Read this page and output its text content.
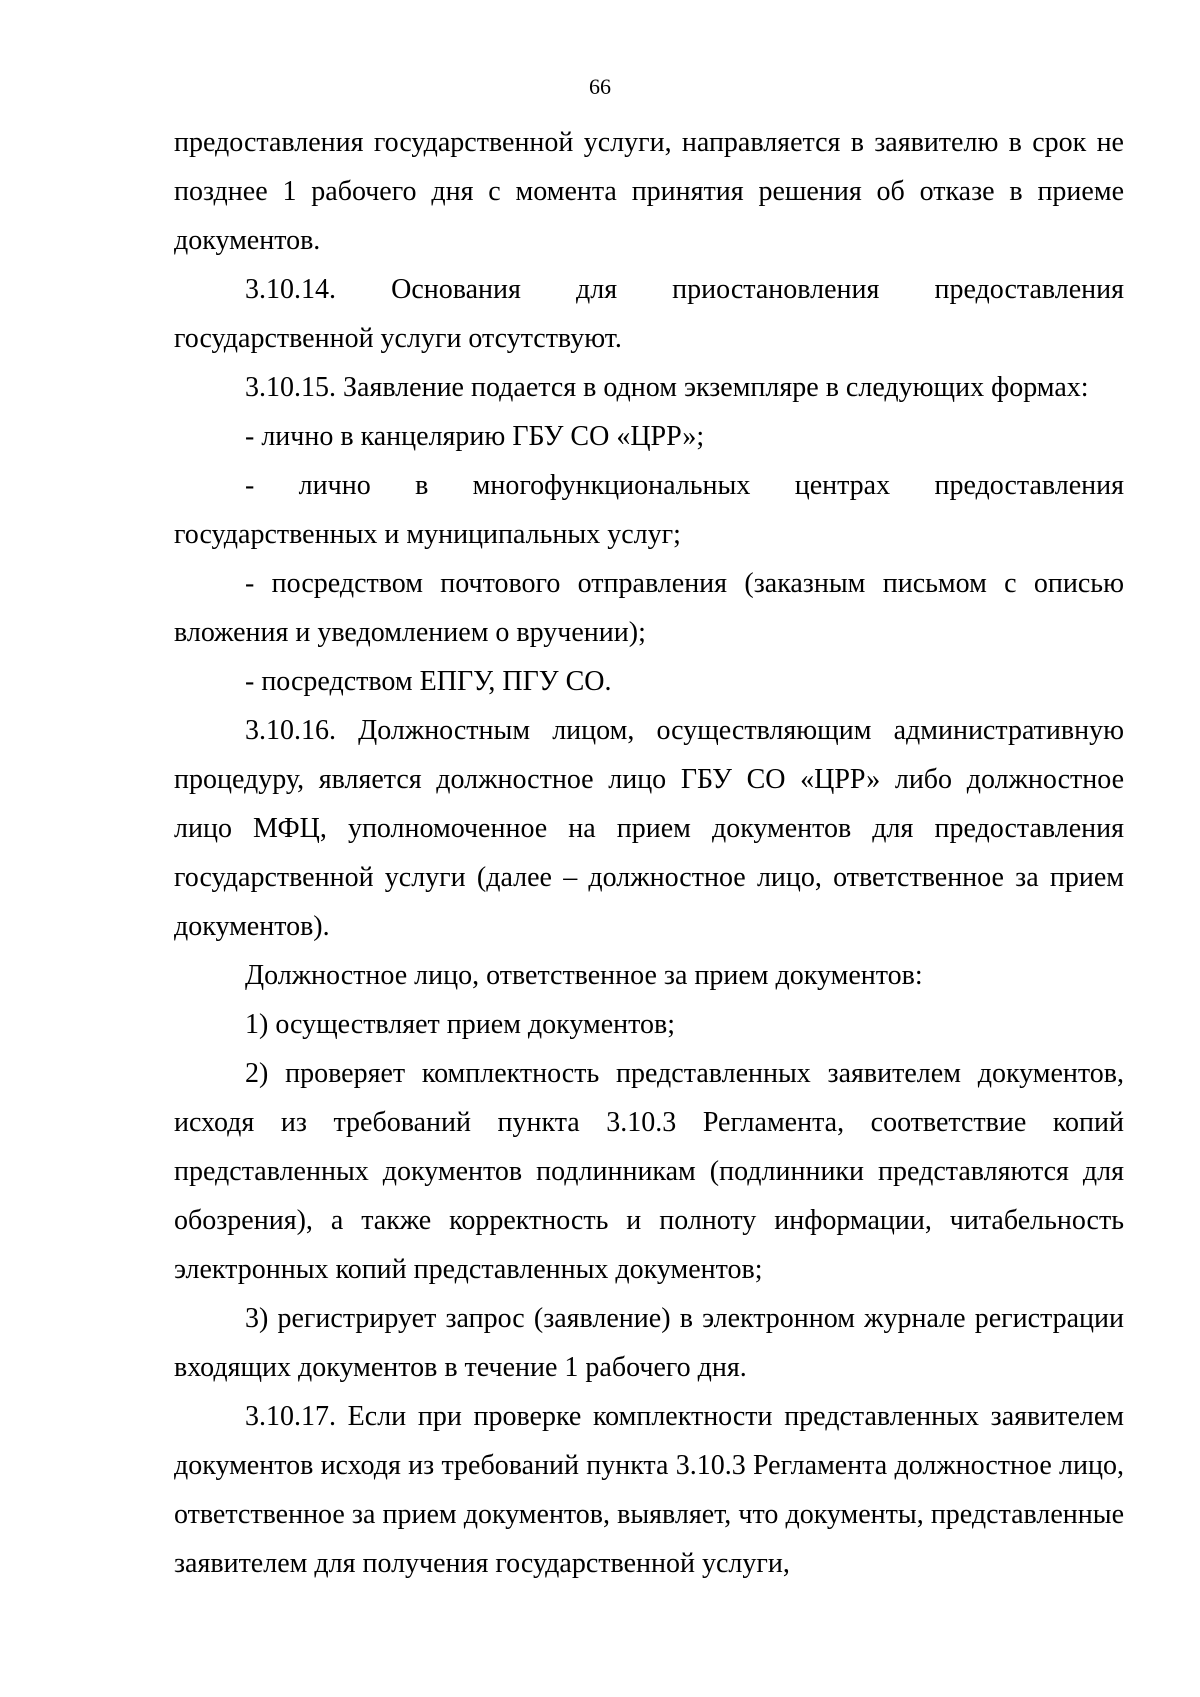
66

предоставления государственной услуги, направляется в заявителю в срок не позднее 1 рабочего дня с момента принятия решения об отказе в приеме документов.

3.10.14. Основания для приостановления предоставления государственной услуги отсутствуют.

3.10.15. Заявление подается в одном экземпляре в следующих формах:

- лично в канцелярию ГБУ СО «ЦРР»;

- лично в многофункциональных центрах предоставления государственных и муниципальных услуг;

- посредством почтового отправления (заказным письмом с описью вложения и уведомлением о вручении);

- посредством ЕПГУ, ПГУ СО.

3.10.16. Должностным лицом, осуществляющим административную процедуру, является должностное лицо ГБУ СО «ЦРР» либо должностное лицо МФЦ, уполномоченное на прием документов для предоставления государственной услуги (далее – должностное лицо, ответственное за прием документов).

Должностное лицо, ответственное за прием документов:

1) осуществляет прием документов;

2) проверяет комплектность представленных заявителем документов, исходя из требований пункта 3.10.3 Регламента, соответствие копий представленных документов подлинникам (подлинники представляются для обозрения), а также корректность и полноту информации, читабельность электронных копий представленных документов;

3) регистрирует запрос (заявление) в электронном журнале регистрации входящих документов в течение 1 рабочего дня.

3.10.17. Если при проверке комплектности представленных заявителем документов исходя из требований пункта 3.10.3 Регламента должностное лицо, ответственное за прием документов, выявляет, что документы, представленные заявителем для получения государственной услуги,
